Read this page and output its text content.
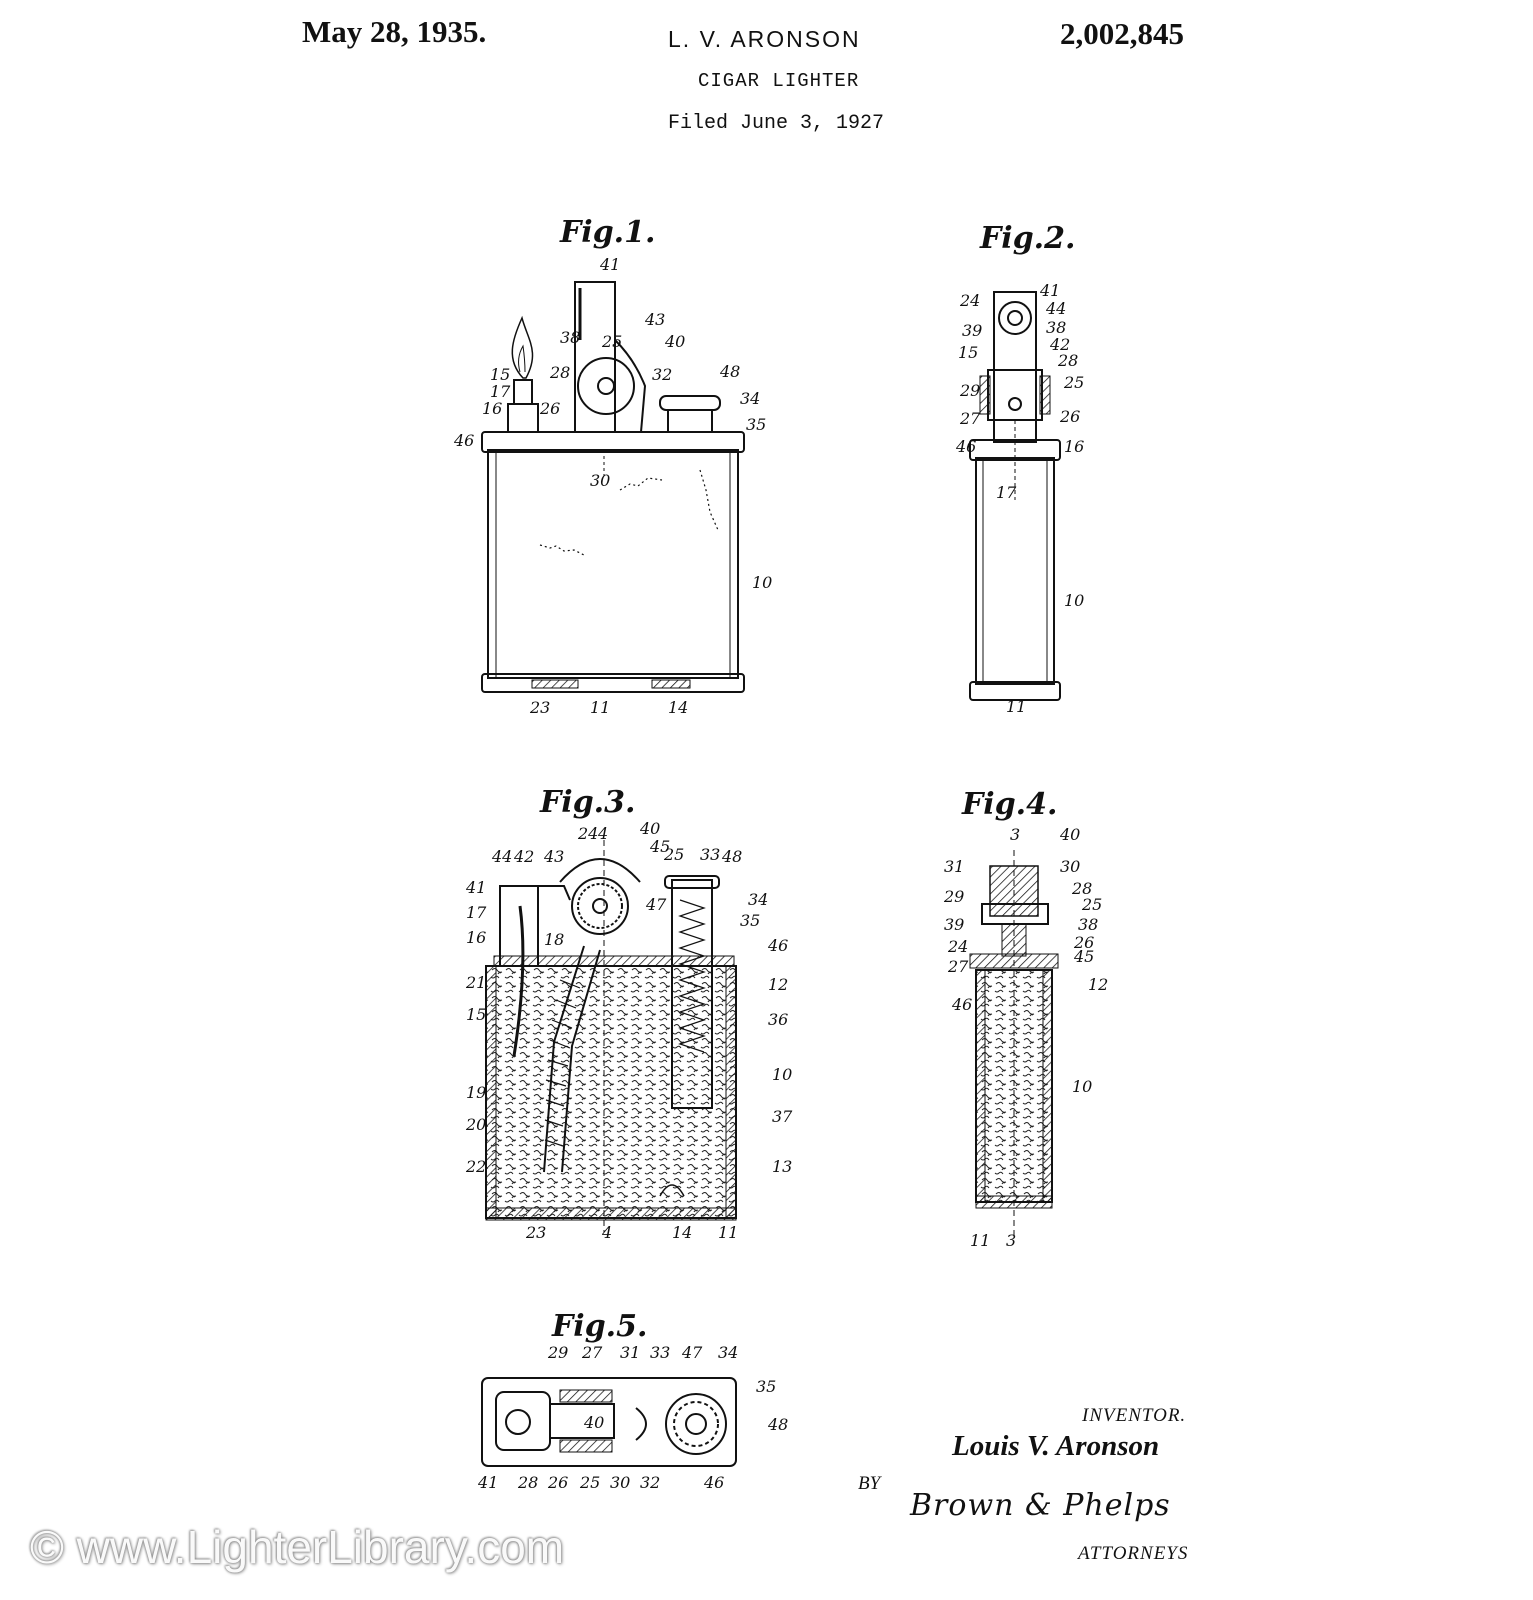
May 28, 1935.	L. V. ARONSON	2,002,845
CIGAR LIGHTER
Filed June 3, 1927
Fig.1.	Fig.2.
Fig.3.	Fig.4.
Fig.5.
41
43
40
38 25
32	48
28
15
17
16 26
34
35
46
30
10
23 11	14
24
41
44
39	38
42
15	28
29	25
27	26
46	16
17
10
11
24 4 40
45
25 33 48
44 42 43
41
17	47	34
16	18
35
46
21	12
15	36
10
19
37
20
22	13
23	4	14 11
3 40
31	30
29	28
25
39	38
24	26
27
45
46
12
10
11 3
29 27 31 33 47 34
35
40	48
41 28 26 25 30 32	46
INVENTOR.
Louis V. Aronson
BY
Brown & Phelps
ATTORNEYS
© www.LighterLibrary.com
